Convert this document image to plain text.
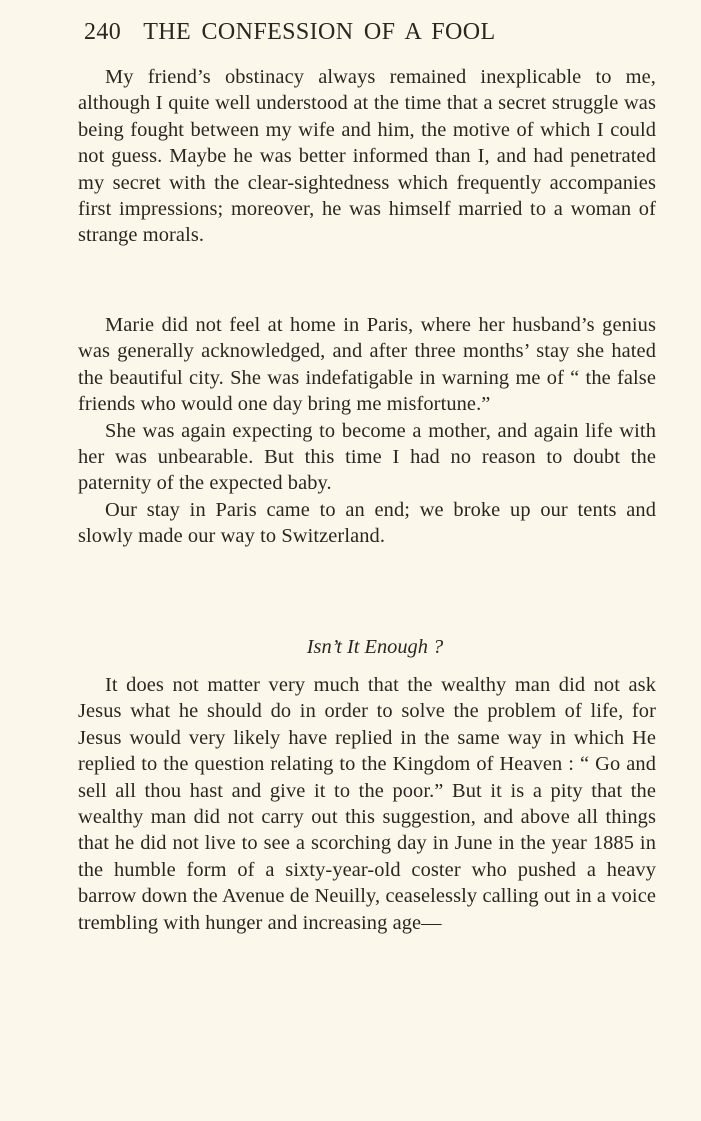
240 THE CONFESSION OF A FOOL

My friend’s obstinacy always remained inexplicable to me, although I quite well understood at the time that a secret struggle was being fought between my wife and him, the motive of which I could not guess. Maybe he was better informed than I, and had penetrated my secret with the clear-sightedness which frequently accompanies first impressions; moreover, he was himself married to a woman of strange morals.

Marie did not feel at home in Paris, where her husband’s genius was generally acknowledged, and after three months’ stay she hated the beautiful city. She was indefatigable in warning me of “ the false friends who would one day bring me misfortune.”

She was again expecting to become a mother, and again life with her was unbearable. But this time I had no reason to doubt the paternity of the expected baby.

Our stay in Paris came to an end; we broke up our tents and slowly made our way to Switzerland.

Isn’t It Enough ?

It does not matter very much that the wealthy man did not ask Jesus what he should do in order to solve the problem of life, for Jesus would very likely have replied in the same way in which He replied to the question relating to the Kingdom of Heaven : “ Go and sell all thou hast and give it to the poor.” But it is a pity that the wealthy man did not carry out this suggestion, and above all things that he did not live to see a scorching day in June in the year 1885 in the humble form of a sixty-year-old coster who pushed a heavy barrow down the Avenue de Neuilly, ceaselessly calling out in a voice trembling with hunger and increasing age—
